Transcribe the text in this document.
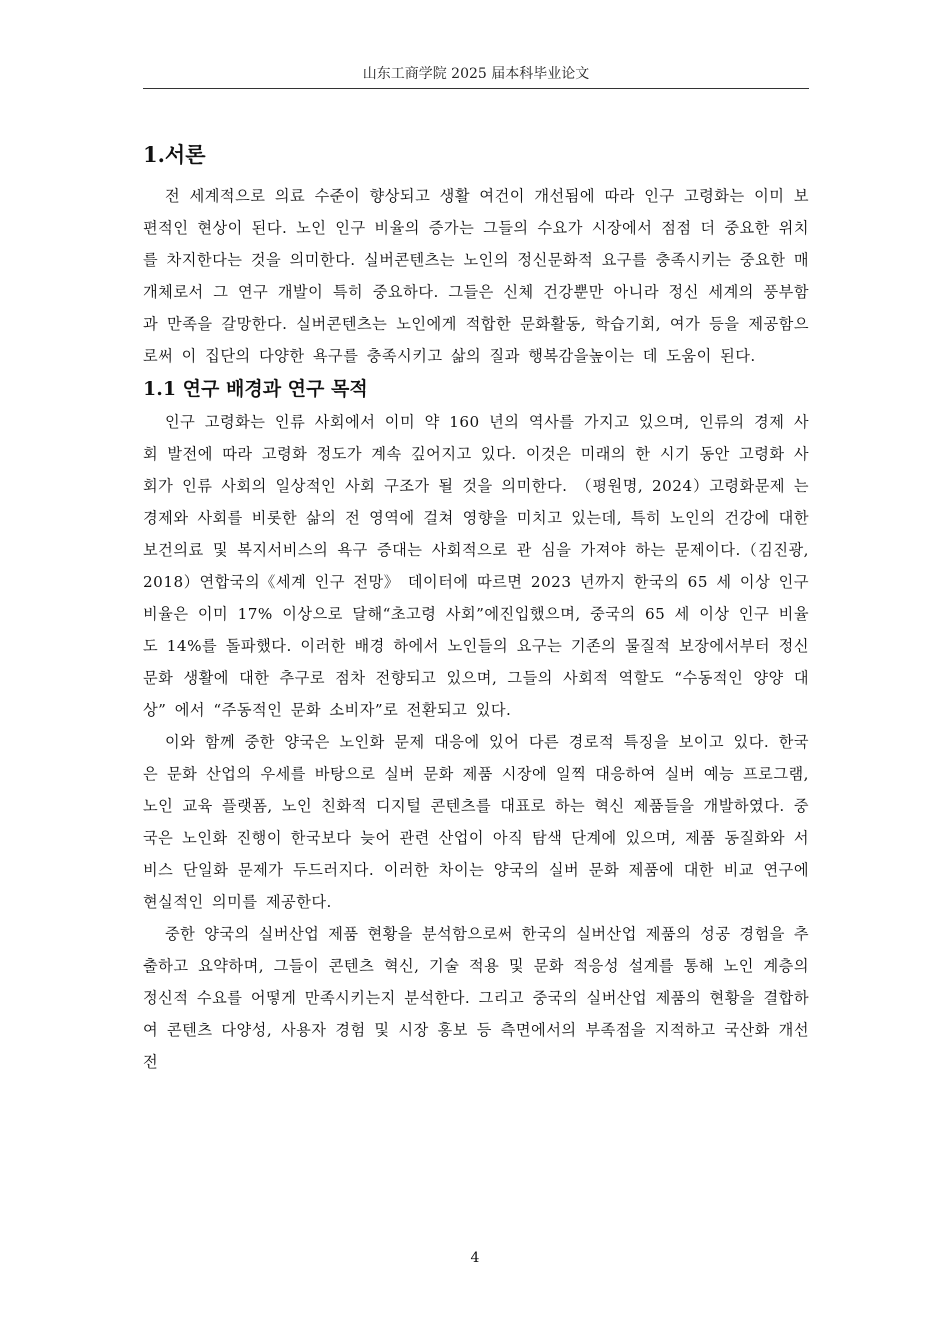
山东工商学院 2025 届本科毕业论文
1.서론

전 세계적으로 의료 수준이 향상되고 생활 여건이 개선됨에 따라 인구 고령화는 이미 보편적인 현상이 된다. 노인 인구 비율의 증가는 그들의 수요가 시장에서 점점 더 중요한 위치를 차지한다는 것을 의미한다. 실버콘텐츠는 노인의 정신문화적 요구를 충족시키는 중요한 매개체로서 그 연구 개발이 특히 중요하다. 그들은 신체 건강뿐만 아니라 정신 세계의 풍부함과 만족을 갈망한다. 실버콘텐츠는 노인에게 적합한 문화활동, 학습기회, 여가 등을 제공함으로써 이 집단의 다양한 욕구를 충족시키고 삶의 질과 행복감을높이는 데 도움이 된다.

1.1 연구 배경과 연구 목적

인구 고령화는 인류 사회에서 이미 약 160 년의 역사를 가지고 있으며, 인류의 경제 사회 발전에 따라 고령화 정도가 계속 깊어지고 있다. 이것은 미래의 한 시기 동안 고령화 사회가 인류 사회의 일상적인 사회 구조가 될 것을 의미한다. （평원명, 2024）고령화문제 는 경제와 사회를 비롯한 삶의 전 영역에 걸쳐 영향을 미치고 있는데, 특히 노인의 건강에 대한 보건의료 및 복지서비스의 욕구 증대는 사회적으로 관 심을 가져야 하는 문제이다.（김진광, 2018）연합국의《세계 인구 전망》 데이터에 따르면 2023 년까지 한국의 65 세 이상 인구 비율은 이미 17% 이상으로 달해“초고령 사회”에진입했으며, 중국의 65 세 이상 인구 비율도 14%를 돌파했다. 이러한 배경 하에서 노인들의 요구는 기존의 물질적 보장에서부터 정신 문화 생활에 대한 추구로 점차 전향되고 있으며, 그들의 사회적 역할도 “수동적인 양양 대상” 에서 “주동적인 문화 소비자”로 전환되고 있다.

이와 함께 중한 양국은 노인화 문제 대응에 있어 다른 경로적 특징을 보이고 있다. 한국은 문화 산업의 우세를 바탕으로 실버 문화 제품 시장에 일찍 대응하여 실버 예능 프로그램, 노인 교육 플랫폼, 노인 친화적 디지털 콘텐츠를 대표로 하는 혁신 제품들을 개발하였다. 중국은 노인화 진행이 한국보다 늦어 관련 산업이 아직 탐색 단계에 있으며, 제품 동질화와 서비스 단일화 문제가 두드러지다. 이러한 차이는 양국의 실버 문화 제품에 대한 비교 연구에 현실적인 의미를 제공한다.

중한 양국의 실버산업 제품 현황을 분석함으로써 한국의 실버산업 제품의 성공 경험을 추출하고 요약하며, 그들이 콘텐츠 혁신, 기술 적용 및 문화 적응성 설계를 통해 노인 계층의 정신적 수요를 어떻게 만족시키는지 분석한다. 그리고 중국의 실버산업 제품의 현황을 결합하여 콘텐츠 다양성, 사용자 경험 및 시장 홍보 등 측면에서의 부족점을 지적하고 국산화 개선 전

4
